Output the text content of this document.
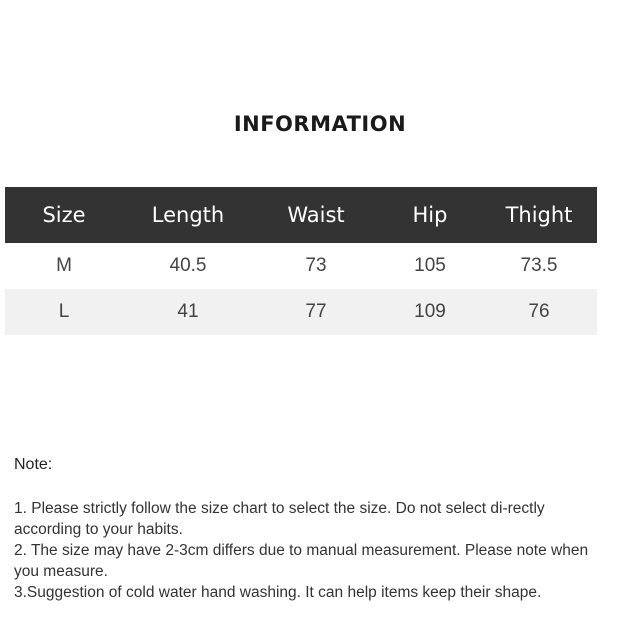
INFORMATION
Size	Length	Waist	Hip	Thight
M	40.5	73	105	73.5
L	41	77	109	76
Note:

1. Please strictly follow the size chart to select the size. Do not select di-rectly according to your habits.

2. The size may have 2-3cm differs due to manual measurement. Please note when you measure.

3.Suggestion of cold water hand washing. It can help items keep their shape.
